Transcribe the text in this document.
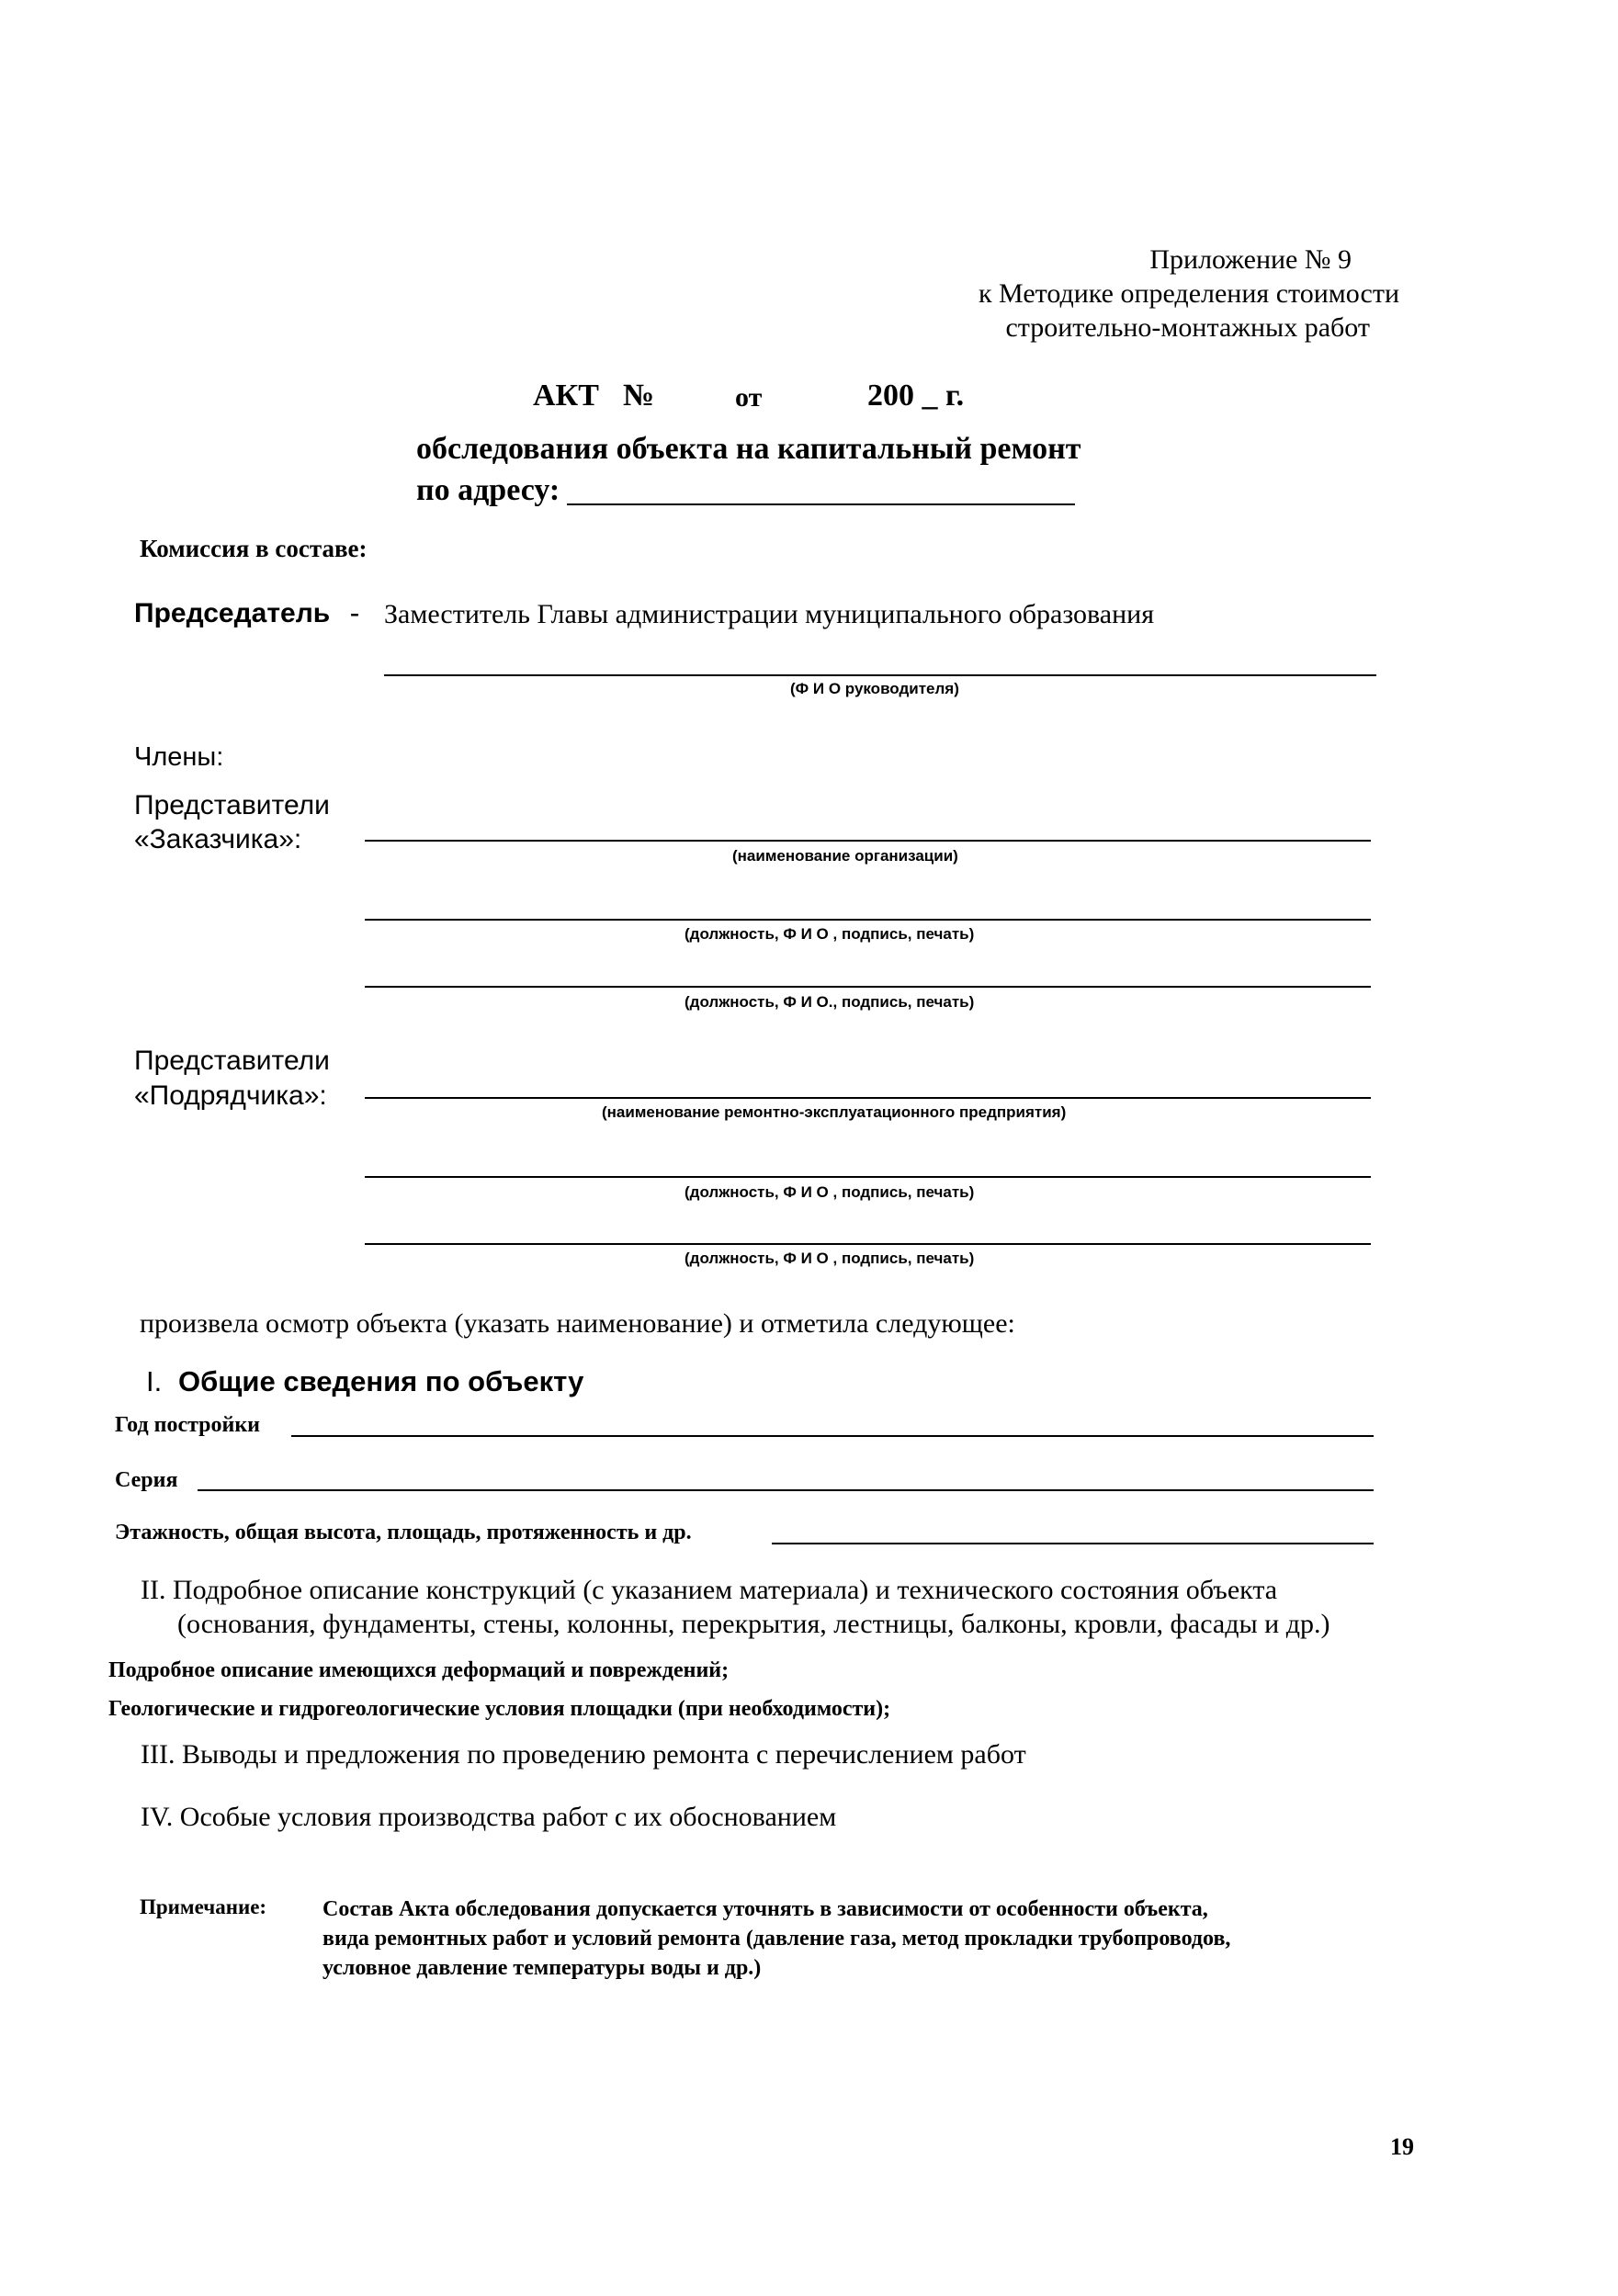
Приложение № 9
к Методике определения стоимости
строительно-монтажных работ
АКТ №	от	200 _ г.
обследования объекта на капитальный ремонт
по адресу:
Комиссия в составе:
Председатель - Заместитель Главы администрации муниципального образования
(Ф И О руководителя)
Члены:
Представители
«Заказчика»:
(наименование организации)
(должность, Ф И О , подпись, печать)
(должность, Ф И О., подпись, печать)
Представители
«Подрядчика»:
(наименование ремонтно-эксплуатационного предприятия)
(должность, Ф И О , подпись, печать)
(должность, Ф И О , подпись, печать)
произвела осмотр объекта (указать наименование) и отметила следующее:
I. Общие сведения по объекту
Год постройки
Серия
Этажность, общая высота, площадь, протяженность и др.
II. Подробное описание конструкций (с указанием материала) и технического состояния объекта
(основания, фундаменты, стены, колонны, перекрытия, лестницы, балконы, кровли, фасады и др.)
Подробное описание имеющихся деформаций и повреждений;
Геологические и гидрогеологические условия площадки (при необходимости);
III. Выводы и предложения по проведению ремонта с перечислением работ
IV. Особые условия производства работ с их обоснованием
Примечание:	Состав Акта обследования допускается уточнять в зависимости от особенности объекта,
вида ремонтных работ и условий ремонта (давление газа, метод прокладки трубопроводов,
условное давление температуры воды и др.)
19
